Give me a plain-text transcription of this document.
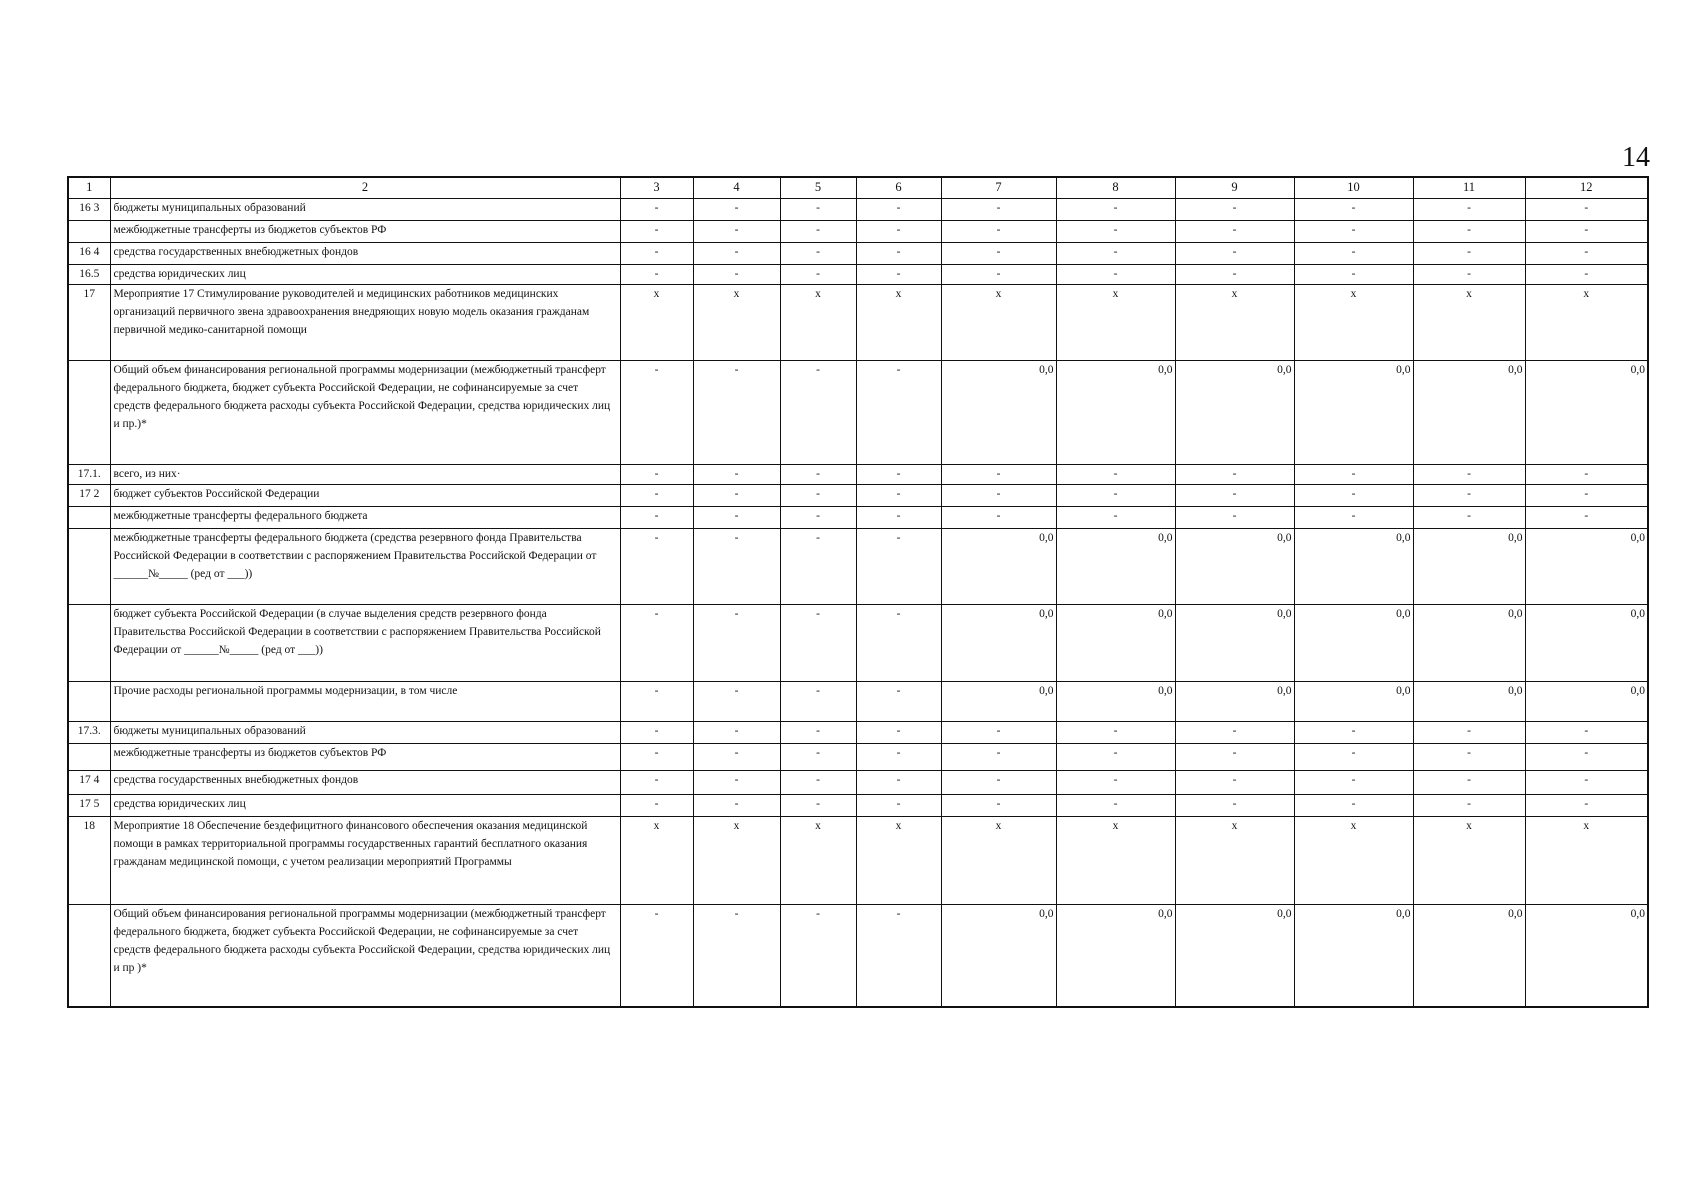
14
1	2	3	4	5	6	7	8	9	10	11	12
16 3	бюджеты муниципальных образований	-	-	-	-	-	-	-	-	-	-
	межбюджетные трансферты из бюджетов субъектов РФ	-	-	-	-	-	-	-	-	-	-
16 4	средства государственных внебюджетных фондов	-	-	-	-	-	-	-	-	-	-
16.5	средства юридических лиц	-	-	-	-	-	-	-	-	-	-
17	Мероприятие 17 Стимулирование руководителей и медицинских работников медицинских организаций первичного звена здравоохранения внедряющих новую модель оказания гражданам первичной медико-санитарной помощи	x	x	x	x	x	x	x	x	x	x
	Общий объем финансирования региональной программы модернизации (межбюджетный трансферт федерального бюджета, бюджет субъекта Российской Федерации, не софинансируемые за счет средств федерального бюджета расходы субъекта Российской Федерации, средства юридических лиц и пр.)*	-	-	-	-	0,0	0,0	0,0	0,0	0,0	0,0
17.1.	всего, из них·	-	-	-	-	-	-	-	-	-	-
17 2	бюджет субъектов Российской Федерации	-	-	-	-	-	-	-	-	-	-
	межбюджетные трансферты федерального бюджета	-	-	-	-	-	-	-	-	-	-
	межбюджетные трансферты федерального бюджета (средства резервного фонда Правительства Российской Федерации в соответствии с распоряжением Правительства Российской Федерации от ______№_____ (ред от ___))	-	-	-	-	0,0	0,0	0,0	0,0	0,0	0,0
	бюджет субъекта Российской Федерации (в случае выделения средств резервного фонда Правительства Российской Федерации в соответствии с распоряжением Правительства Российской Федерации от ______№_____ (ред от ___))	-	-	-	-	0,0	0,0	0,0	0,0	0,0	0,0
	Прочие расходы региональной программы модернизации, в том числе	-	-	-	-	0,0	0,0	0,0	0,0	0,0	0,0
17.3.	бюджеты муниципальных образований	-	-	-	-	-	-	-	-	-	-
	межбюджетные трансферты из бюджетов субъектов РФ	-	-	-	-	-	-	-	-	-	-
17 4	средства государственных внебюджетных фондов	-	-	-	-	-	-	-	-	-	-
17 5	средства юридических лиц	-	-	-	-	-	-	-	-	-	-
18	Мероприятие 18 Обеспечение бездефицитного финансового обеспечения оказания медицинской помощи в рамках территориальной программы государственных гарантий бесплатного оказания гражданам медицинской помощи, с учетом реализации мероприятий Программы	x	x	x	x	x	x	x	x	x	x
	Общий объем финансирования региональной программы модернизации (межбюджетный трансферт федерального бюджета, бюджет субъекта Российской Федерации, не софинансируемые за счет средств федерального бюджета расходы субъекта Российской Федерации, средства юридических лиц и пр )*	-	-	-	-	0,0	0,0	0,0	0,0	0,0	0,0
